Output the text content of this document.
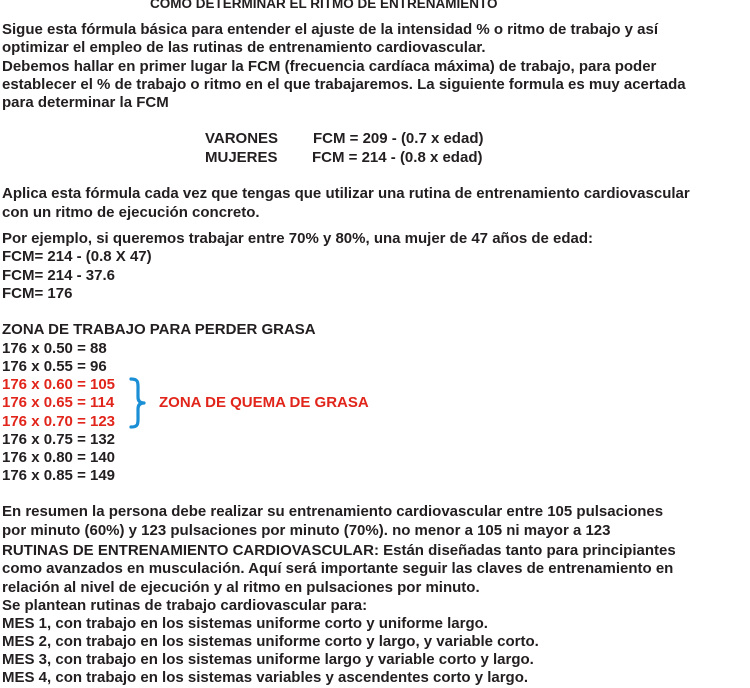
COMO DETERMINAR EL RITMO DE ENTRENAMIENTO
Sigue esta fórmula básica para entender el ajuste de la intensidad % o ritmo de trabajo y así
optimizar el empleo de las rutinas de entrenamiento cardiovascular.
Debemos hallar en primer lugar la FCM (frecuencia cardíaca máxima) de trabajo, para poder
establecer el % de trabajo o ritmo en el que trabajaremos. La siguiente formula es muy acertada
para determinar la FCM
VARONES FCM = 209 - (0.7 x edad)
MUJERES FCM = 214 - (0.8 x edad)
Aplica esta fórmula cada vez que tengas que utilizar una rutina de entrenamiento cardiovascular
con un ritmo de ejecución concreto.
Por ejemplo, si queremos trabajar entre 70% y 80%, una mujer de 47 años de edad:
FCM= 214 - (0.8 X 47)
FCM= 214 - 37.6
FCM= 176
ZONA DE TRABAJO PARA PERDER GRASA
176 x 0.50 = 88
176 x 0.55 = 96
176 x 0.60 = 105
176 x 0.65 = 114
176 x 0.70 = 123
176 x 0.75 = 132
176 x 0.80 = 140
176 x 0.85 = 149
ZONA DE QUEMA DE GRASA
En resumen la persona debe realizar su entrenamiento cardiovascular entre 105 pulsaciones
por minuto (60%) y 123 pulsaciones por minuto (70%). no menor a 105 ni mayor a 123
RUTINAS DE ENTRENAMIENTO CARDIOVASCULAR: Están diseñadas tanto para principiantes
como avanzados en musculación. Aquí será importante seguir las claves de entrenamiento en
relación al nivel de ejecución y al ritmo en pulsaciones por minuto.
Se plantean rutinas de trabajo cardiovascular para:
MES 1, con trabajo en los sistemas uniforme corto y uniforme largo.
MES 2, con trabajo en los sistemas uniforme corto y largo, y variable corto.
MES 3, con trabajo en los sistemas uniforme largo y variable corto y largo.
MES 4, con trabajo en los sistemas variables y ascendentes corto y largo.
